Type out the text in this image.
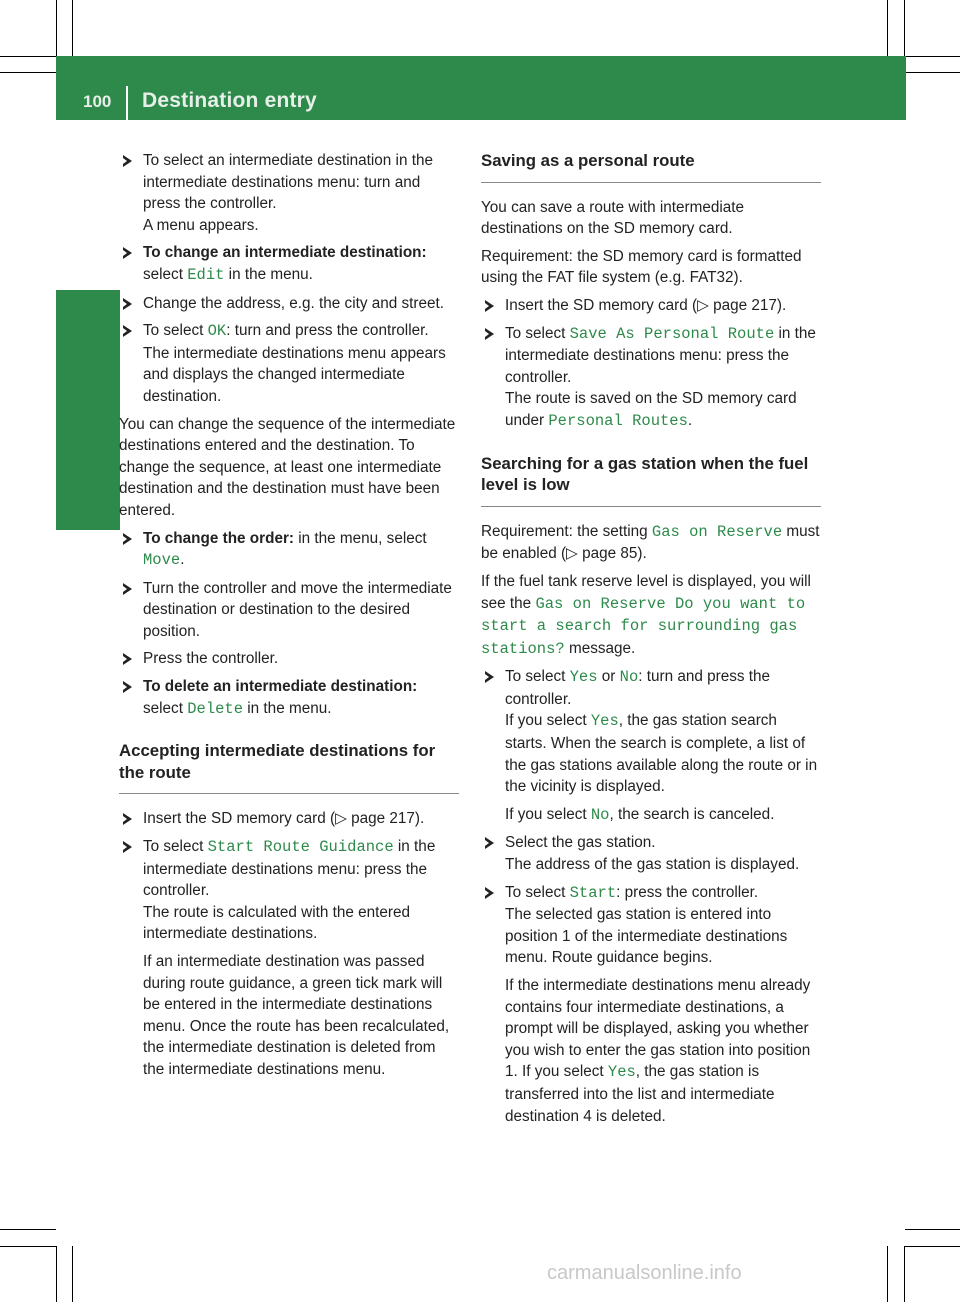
100 Destination entry
Navigation
To select an intermediate destination in the intermediate destinations menu: turn and press the controller.
A menu appears.
To change an intermediate destination:
select Edit in the menu.
Change the address, e.g. the city and street.
To select OK: turn and press the controller.
The intermediate destinations menu appears and displays the changed intermediate destination.

You can change the sequence of the intermediate destinations entered and the destination. To change the sequence, at least one intermediate destination and the destination must have been entered.

To change the order: in the menu, select
Move.
Turn the controller and move the intermediate destination or destination to the desired position.
Press the controller.
To delete an intermediate destination:
select Delete in the menu.
Accepting intermediate destinations for the route
Insert the SD memory card (▷ page 217).
To select Start Route Guidance in the intermediate destinations menu: press the controller.
The route is calculated with the entered intermediate destinations.

If an intermediate destination was passed during route guidance, a green tick mark will be entered in the intermediate destinations menu. Once the route has been recalculated, the intermediate destination is deleted from the intermediate destinations menu.

Saving as a personal route

You can save a route with intermediate destinations on the SD memory card.

Requirement: the SD memory card is formatted using the FAT file system (e.g. FAT32).

Insert the SD memory card (▷ page 217).
To select Save As Personal Route in the intermediate destinations menu: press the controller.
The route is saved on the SD memory card under Personal Routes.
Searching for a gas station when the fuel level is low

Requirement: the setting Gas on Reserve must be enabled (▷ page 85).

If the fuel tank reserve level is displayed, you will see the Gas on Reserve Do you want to start a search for surrounding gas stations? message.

To select Yes or No: turn and press the controller.
If you select Yes, the gas station search starts. When the search is complete, a list of the gas stations available along the route or in the vicinity is displayed.

If you select No, the search is canceled.

Select the gas station.
The address of the gas station is displayed.
To select Start: press the controller.
The selected gas station is entered into position 1 of the intermediate destinations menu. Route guidance begins.

If the intermediate destinations menu already contains four intermediate destinations, a prompt will be displayed, asking you whether you wish to enter the gas station into position 1. If you select Yes, the gas station is transferred into the list and intermediate destination 4 is deleted.

carmanualsonline.info
